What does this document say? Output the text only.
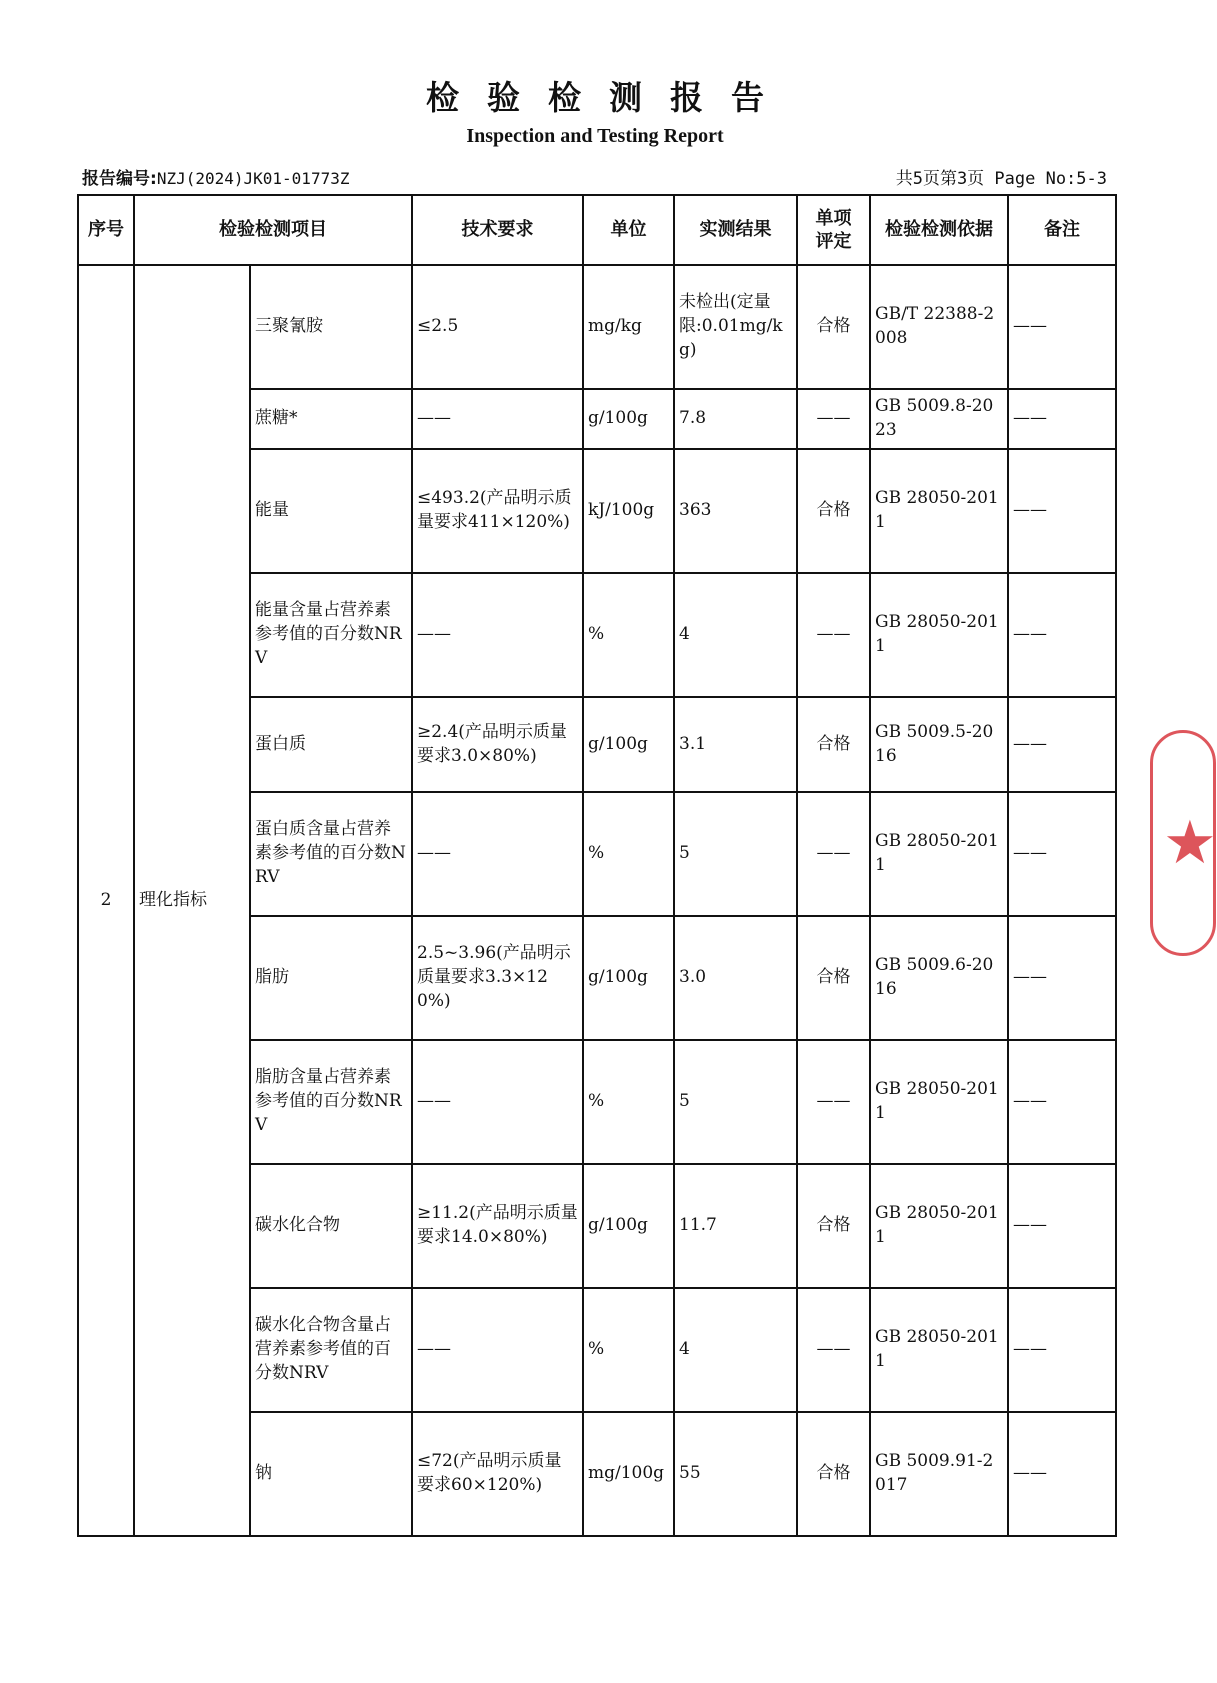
检验检测报告
Inspection and Testing Report
报告编号:NZJ(2024)JK01-01773Z	共5页第3页 Page No:5-3
序号	检验检测项目		技术要求	单位	实测结果	单项评定	检验检测依据	备注
2	理化指标	三聚氰胺	≤2.5	mg/kg	未检出(定量限:0.01mg/kg)	合格	GB/T 22388-2008	——
		蔗糖*	——	g/100g	7.8	——	GB 5009.8-2023	——
		能量	≤493.2(产品明示质量要求411×120%)	kJ/100g	363	合格	GB 28050-2011	——
		能量含量占营养素参考值的百分数NRV	——	%	4	——	GB 28050-2011	——
		蛋白质	≥2.4(产品明示质量要求3.0×80%)	g/100g	3.1	合格	GB 5009.5-2016	——
		蛋白质含量占营养素参考值的百分数NRV	——	%	5	——	GB 28050-2011	——
		脂肪	2.5~3.96(产品明示质量要求3.3×120%)	g/100g	3.0	合格	GB 5009.6-2016	——
		脂肪含量占营养素参考值的百分数NRV	——	%	5	——	GB 28050-2011	——
		碳水化合物	≥11.2(产品明示质量要求14.0×80%)	g/100g	11.7	合格	GB 28050-2011	——
		碳水化合物含量占营养素参考值的百分数NRV	——	%	4	——	GB 28050-2011	——
		钠	≤72(产品明示质量要求60×120%)	mg/100g	55	合格	GB 5009.91-2017	——
★
